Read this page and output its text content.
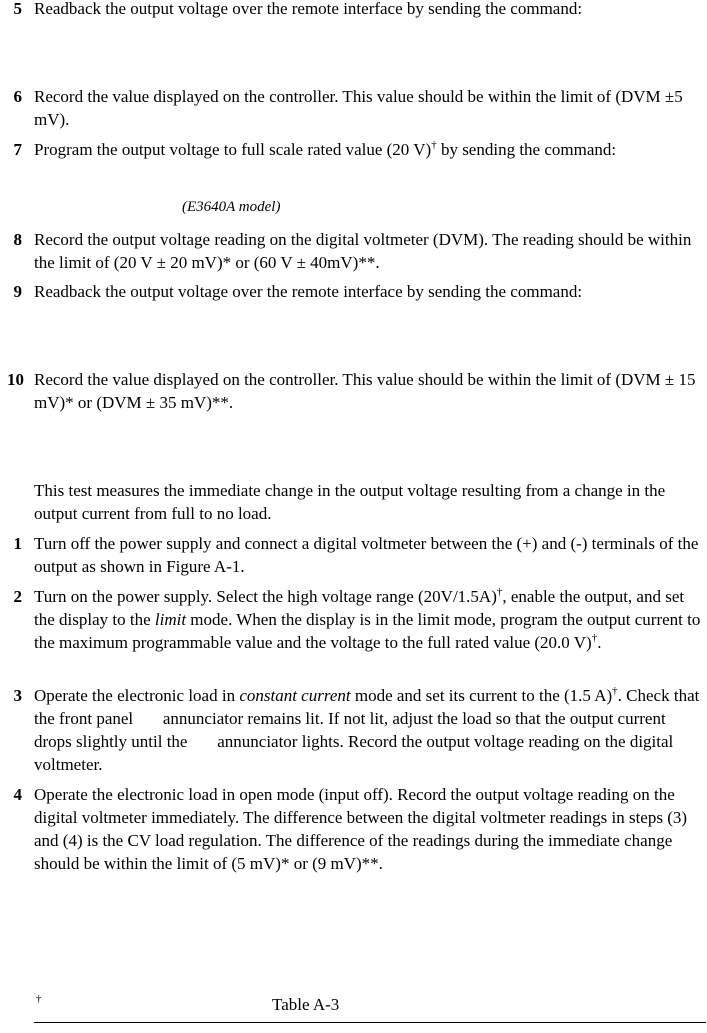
5 Readback the output voltage over the remote interface by sending the command:
6 Record the value displayed on the controller. This value should be within the limit of (DVM ±5 mV).
7 Program the output voltage to full scale rated value (20 V)† by sending the command:
(E3640A model)
8 Record the output voltage reading on the digital voltmeter (DVM). The reading should be within the limit of (20 V ± 20 mV)* or (60 V ± 40mV)**.
9 Readback the output voltage over the remote interface by sending the command:
10 Record the value displayed on the controller. This value should be within the limit of (DVM ± 15 mV)* or (DVM ± 35 mV)**.
This test measures the immediate change in the output voltage resulting from a change in the output current from full to no load.
1 Turn off the power supply and connect a digital voltmeter between the (+) and (-) terminals of the output as shown in Figure A-1.
2 Turn on the power supply. Select the high voltage range (20V/1.5A)†, enable the output, and set the display to the limit mode. When the display is in the limit mode, program the output current to the maximum programmable value and the voltage to the full rated value (20.0 V)†.
3 Operate the electronic load in constant current mode and set its current to the (1.5 A)†. Check that the front panel       annunciator remains lit. If not lit, adjust the load so that the output current drops slightly until the       annunciator lights. Record the output voltage reading on the digital voltmeter.
4 Operate the electronic load in open mode (input off). Record the output voltage reading on the digital voltmeter immediately. The difference between the digital voltmeter readings in steps (3) and (4) is the CV load regulation. The difference of the readings during the immediate change should be within the limit of (5 mV)* or (9 mV)**.
†	Table A-3
